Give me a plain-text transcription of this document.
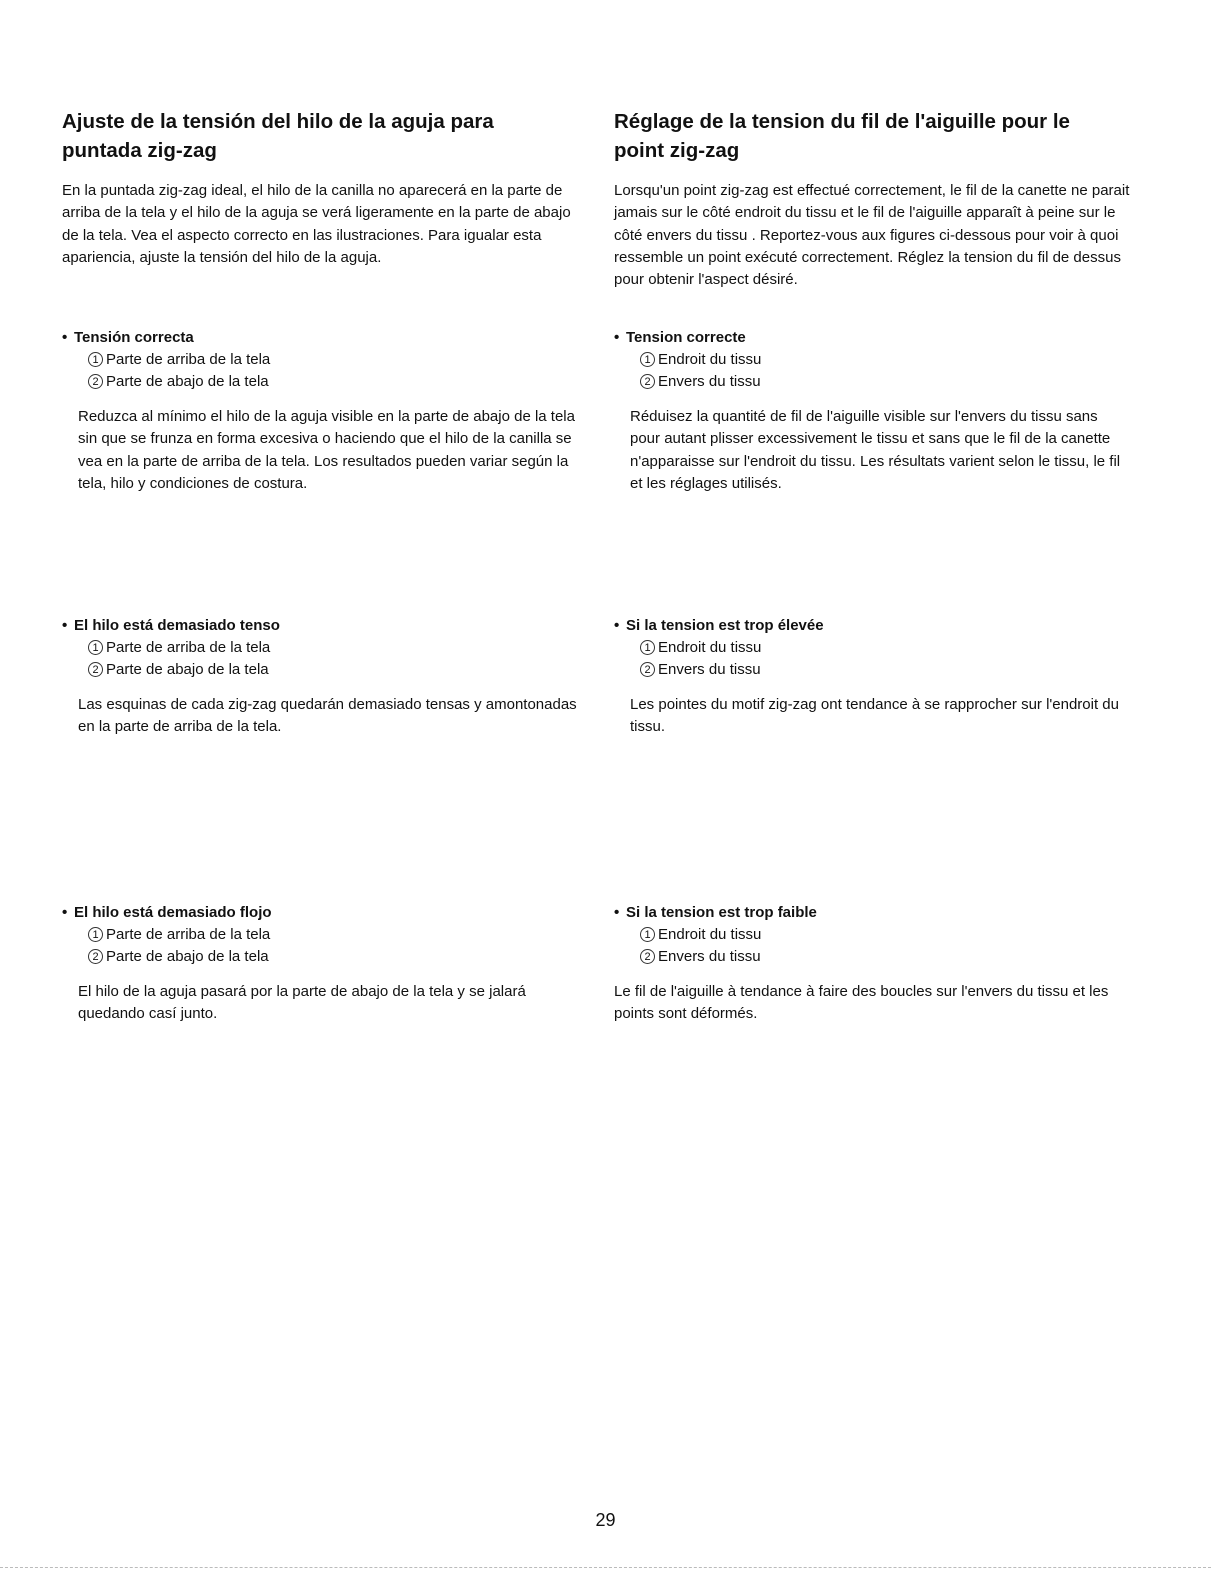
Ajuste de la tensión del hilo de la aguja para puntada zig-zag

En la puntada zig-zag ideal, el hilo de la canilla no aparecerá en la parte de arriba de la tela y el hilo de la aguja se verá ligeramente en la parte de abajo de la tela. Vea el aspecto correcto en las ilustraciones. Para igualar esta apariencia, ajuste la tensión del hilo de la aguja.

• Tensión correcta

1 Parte de arriba de la tela
2 Parte de abajo de la tela

Reduzca al mínimo el hilo de la aguja visible en la parte de abajo de la tela sin que se frunza en forma excesiva o haciendo que el hilo de la canilla se vea en la parte de arriba de la tela. Los resultados pueden variar según la tela, hilo y condiciones de costura.

• El hilo está demasiado tenso

1 Parte de arriba de la tela
2 Parte de abajo de la tela

Las esquinas de cada zig-zag quedarán demasiado tensas y amontonadas en la parte de arriba de la tela.

• El hilo está demasiado flojo

1 Parte de arriba de la tela
2 Parte de abajo de la tela

El hilo de la aguja pasará por la parte de abajo de la tela y se jalará quedando casí junto.

Réglage de la tension du fil de l'aiguille pour le point zig-zag

Lorsqu'un point zig-zag est effectué correctement, le fil de la canette ne parait jamais sur le côté endroit du tissu et le fil de l'aiguille apparaît à peine sur le côté envers du tissu . Reportez-vous aux figures ci-dessous pour voir à quoi ressemble un point exécuté correctement. Réglez la tension du fil de dessus pour obtenir l'aspect désiré.

• Tension correcte

1 Endroit du tissu
2 Envers du tissu

Réduisez la quantité de fil de l'aiguille visible sur l'envers du tissu sans pour autant plisser excessivement le tissu et sans que le fil de la canette n'apparaisse sur l'endroit du tissu. Les résultats varient selon le tissu, le fil et les réglages utilisés.

• Si la tension est trop élevée

1 Endroit du tissu
2 Envers du tissu

Les pointes du motif zig-zag ont tendance à se rapprocher sur l'endroit du tissu.

• Si la tension est trop faible

1 Endroit du tissu
2 Envers du tissu

Le fil de l'aiguille à tendance à faire des boucles sur l'envers du tissu et les points sont déformés.

29
